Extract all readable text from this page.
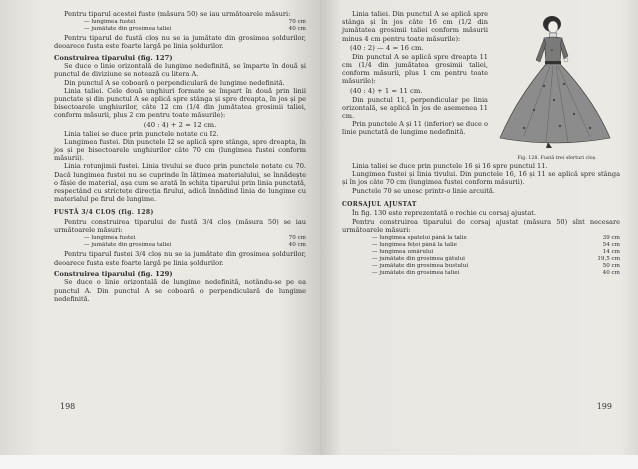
Pentru tiparul acestei fuste (măsura 50) se iau următoarele măsuri:

— lungimea fustei	70 cm
— jumătate din grosimea taliei	40 cm

Pentru tiparul de fustă cloș nu se ia jumătate din grosimea șoldurilor, deoarece fusta este foarte largă pe linia șoldurilor.

Construirea tiparului (fig. 127)

Se duce o linie orizontală de lungime nedefinită, se împarte în două și punctul de diviziune se notează cu litera A.

Din punctul A se coboară o perpendiculară de lungime nedefinită.

Linia taliei. Cele două unghiuri formate se împart în două prin linii punctate și din punctul A se aplică spre stânga și spre dreapta, în jos și pe bisectoarele unghiurilor, câte 12 cm (1/4 din jumătatea grosimii taliei, conform măsurii, plus 2 cm pentru toate măsurile):

(40 : 4) + 2 = 12 cm.

Linia taliei se duce prin punctele notate cu I2.

Lungimea fustei. Din punctele I2 se aplică spre stânga, spre dreapta, în jos și pe bisectoarele unghiurilor câte 70 cm (lungimea fustei conform măsurii).

Linia rotunjimii fustei. Linia tivului se duce prin punctele notate cu 70. Dacă lungimea fustei nu se cuprinde în lățimea materialului, se înnădește o fâșie de material, așa cum se arată în schița tiparului prin linia punctată, respectând cu strictețe direcția firului, adică înnădind linia de lungime cu materialul pe firul de lungime.

FUSTĂ 3/4 CLOȘ (fig. 128)

Pentru construirea tiparului de fustă 3/4 cloș (măsura 50) se iau următoarele măsuri:

— lungimea fustei	70 cm
— jumătate din grosimea taliei	40 cm

Pentru tiparul fustei 3/4 cloș nu se ia jumătate din grosimea șoldurilor, deoarece fusta este foarte largă pe linia șoldurilor.

Construirea tiparului (fig. 129)

Se duce o linie orizontală de lungime nedefinită, notându-se pe ea punctul A. Din punctul A se coboară o perpendiculară de lungime nedefinită.

198
Fig. 128. Fustă trei sferturi cloș.

Linia taliei. Din punctul A se aplică spre stânga și în jos câte 16 cm (1/2 din jumătatea grosimii taliei conform măsurii minus 4 cm pentru toate măsurile):

(40 : 2) — 4 = 16 cm.

Din punctul A se aplică spre dreapta 11 cm (1/4 din jumătatea grosimii taliei, conform măsurii, plus 1 cm pentru toate măsurile):

(40 : 4) + 1 = 11 cm.

Din punctul 11, perpendicular pe linia orizontală, se aplică în jos de asemenea 11 cm.

Prin punctele A și 11 (inferior) se duce o linie punctată de lungime nedefinită.

Linia taliei se duce prin punctele 16 și 16 spre punctul 11.

Lungimea fustei și linia tivului. Din punctele 16, 16 și 11 se aplică spre stânga și în jos câte 70 cm (lungimea fustei conform măsurii).

Punctele 70 se unesc printr-o linie arcuită.

CORSAJUL AJUSTAT

În fig. 130 este reprezentată o rochie cu corsaj ajustat.

Pentru construirea tiparului de corsaj ajustat (măsura 50) sînt necesare următoarele măsuri:

— lungimea spatelui până la talie	39 cm
— lungimea feței până la talie	54 cm
— lungimea umărului	14 cm
— jumătate din grosimea gâtului	19,5 cm
— jumătate din grosimea bustului	50 cm
— jumătate din grosimea taliei	40 cm
199
